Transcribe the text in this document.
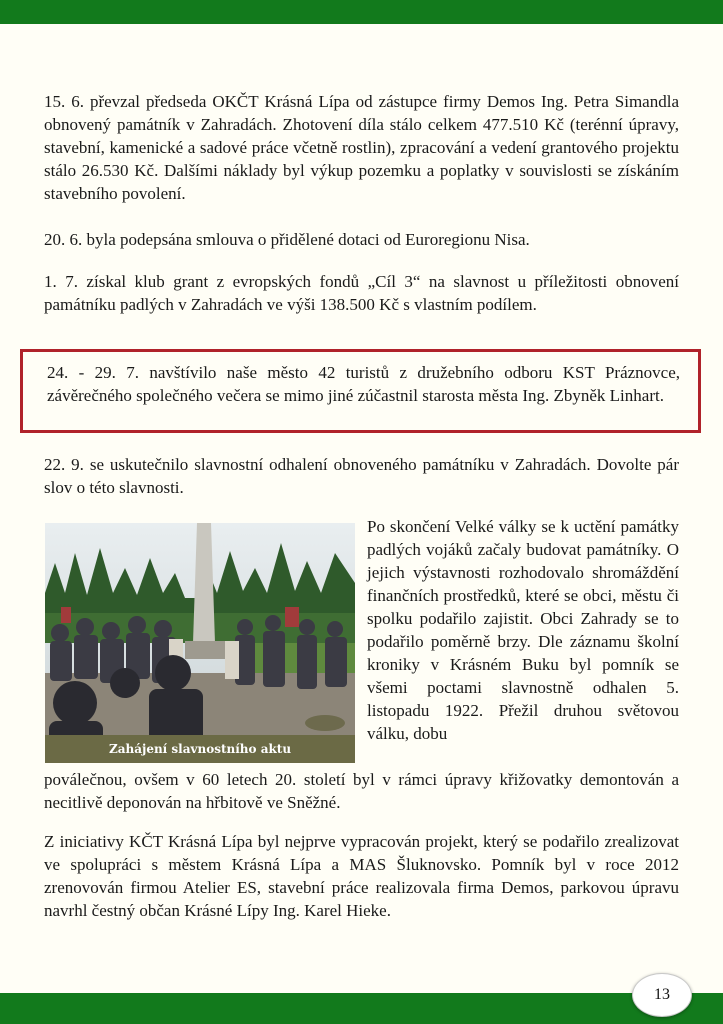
15. 6. převzal předseda OKČT Krásná Lípa od zástupce firmy Demos Ing. Petra Simandla obnovený památník v Zahradách. Zhotovení díla stálo celkem 477.510 Kč (terénní úpravy, stavební, kamenické a sadové práce včetně rostlin), zpracování a vedení grantového projektu stálo 26.530 Kč. Dalšími náklady byl výkup pozemku a poplatky v souvislosti se získáním stavebního povolení.

20. 6. byla podepsána smlouva o přidělené dotaci od Euroregionu Nisa.

1. 7. získal klub grant z evropských fondů „Cíl 3“ na slavnost u příležitosti obnovení památníku padlých v Zahradách ve výši 138.500 Kč s vlastním podílem.

24. - 29. 7. navštívilo naše město 42 turistů z družebního odboru KST Práznovce, závěrečného společného večera se mimo jiné zúčastnil starosta města Ing. Zbyněk Linhart.

22. 9. se uskutečnilo slavnostní odhalení obnoveného památníku v Zahradách. Dovolte pár slov o této slavnosti.

Zahájení slavnostního aktu

Po skončení Velké války se k uctění památky padlých vojáků začaly budovat památníky. O jejich výstavnosti rozhodovalo shromáždění finančních prostředků, které se obci, městu či spolku podařilo zajistit. Obci Zahrady se to podařilo poměrně brzy. Dle záznamu školní kroniky v Krásném Buku byl pomník se všemi poctami slavnostně odhalen 5. listopadu 1922. Přežil druhou světovou válku, dobu

poválečnou, ovšem v 60 letech 20. století byl v rámci úpravy křižovatky demontován a necitlivě deponován na hřbitově ve Sněžné.

Z iniciativy KČT Krásná Lípa byl nejprve vypracován projekt, který se podařilo zrealizovat ve spolupráci s městem Krásná Lípa a MAS Šluknovsko. Pomník byl v roce 2012 zrenovován firmou Atelier ES, stavební práce realizovala firma Demos, parkovou úpravu navrhl čestný občan Krásné Lípy Ing. Karel Hieke.

13
